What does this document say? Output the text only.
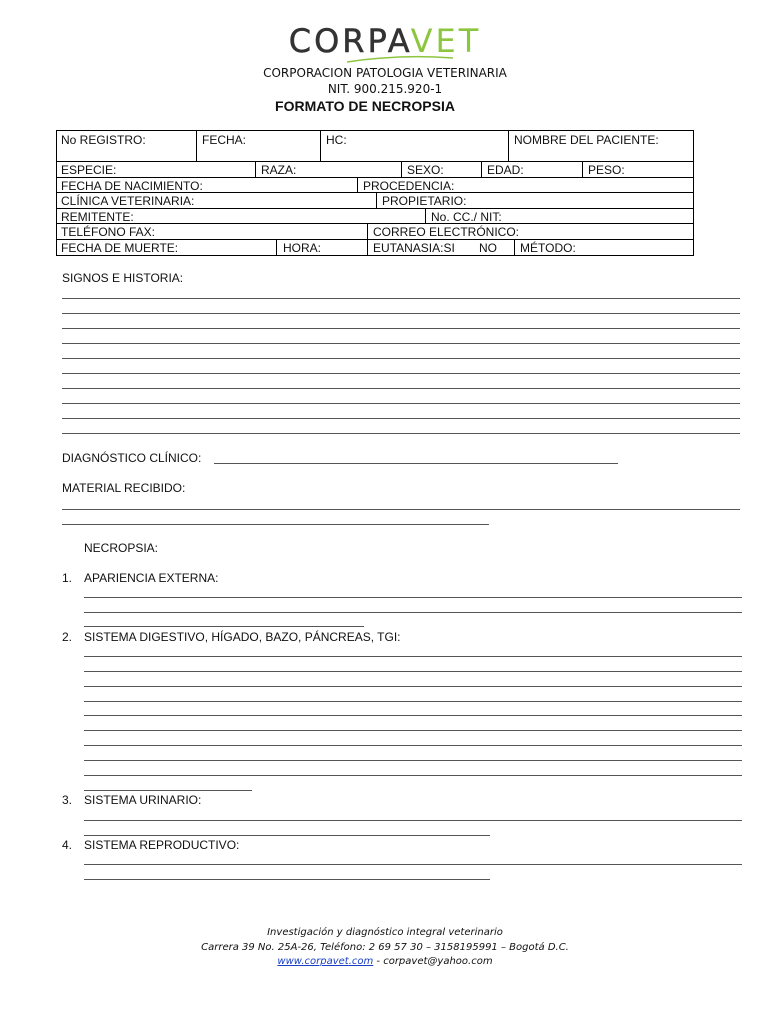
CORPAVET
CORPORACION PATOLOGIA VETERINARIA
NIT. 900.215.920-1
FORMATO DE NECROPSIA
No REGISTRO:	FECHA:	HC:	NOMBRE DEL PACIENTE:
ESPECIE:	RAZA:	SEXO:	EDAD:	PESO:
FECHA DE NACIMIENTO:	PROCEDENCIA:
CLÍNICA VETERINARIA:	PROPIETARIO:
REMITENTE:	No. CC./ NIT:
TELÉFONO FAX:	CORREO ELECTRÓNICO:
FECHA DE MUERTE:	HORA:	EUTANASIA:SI NO MÉTODO:
SIGNOS E HISTORIA:
DIAGNÓSTICO CLÍNICO:
MATERIAL RECIBIDO:
NECROPSIA:
1. APARIENCIA EXTERNA:
2. SISTEMA DIGESTIVO, HÍGADO, BAZO, PÁNCREAS, TGI:
3. SISTEMA URINARIO:
4. SISTEMA REPRODUCTIVO:
Investigación y diagnóstico integral veterinario
Carrera 39 No. 25A-26, Teléfono: 2 69 57 30 – 3158195991 – Bogotá D.C.
www.corpavet.com - corpavet@yahoo.com
